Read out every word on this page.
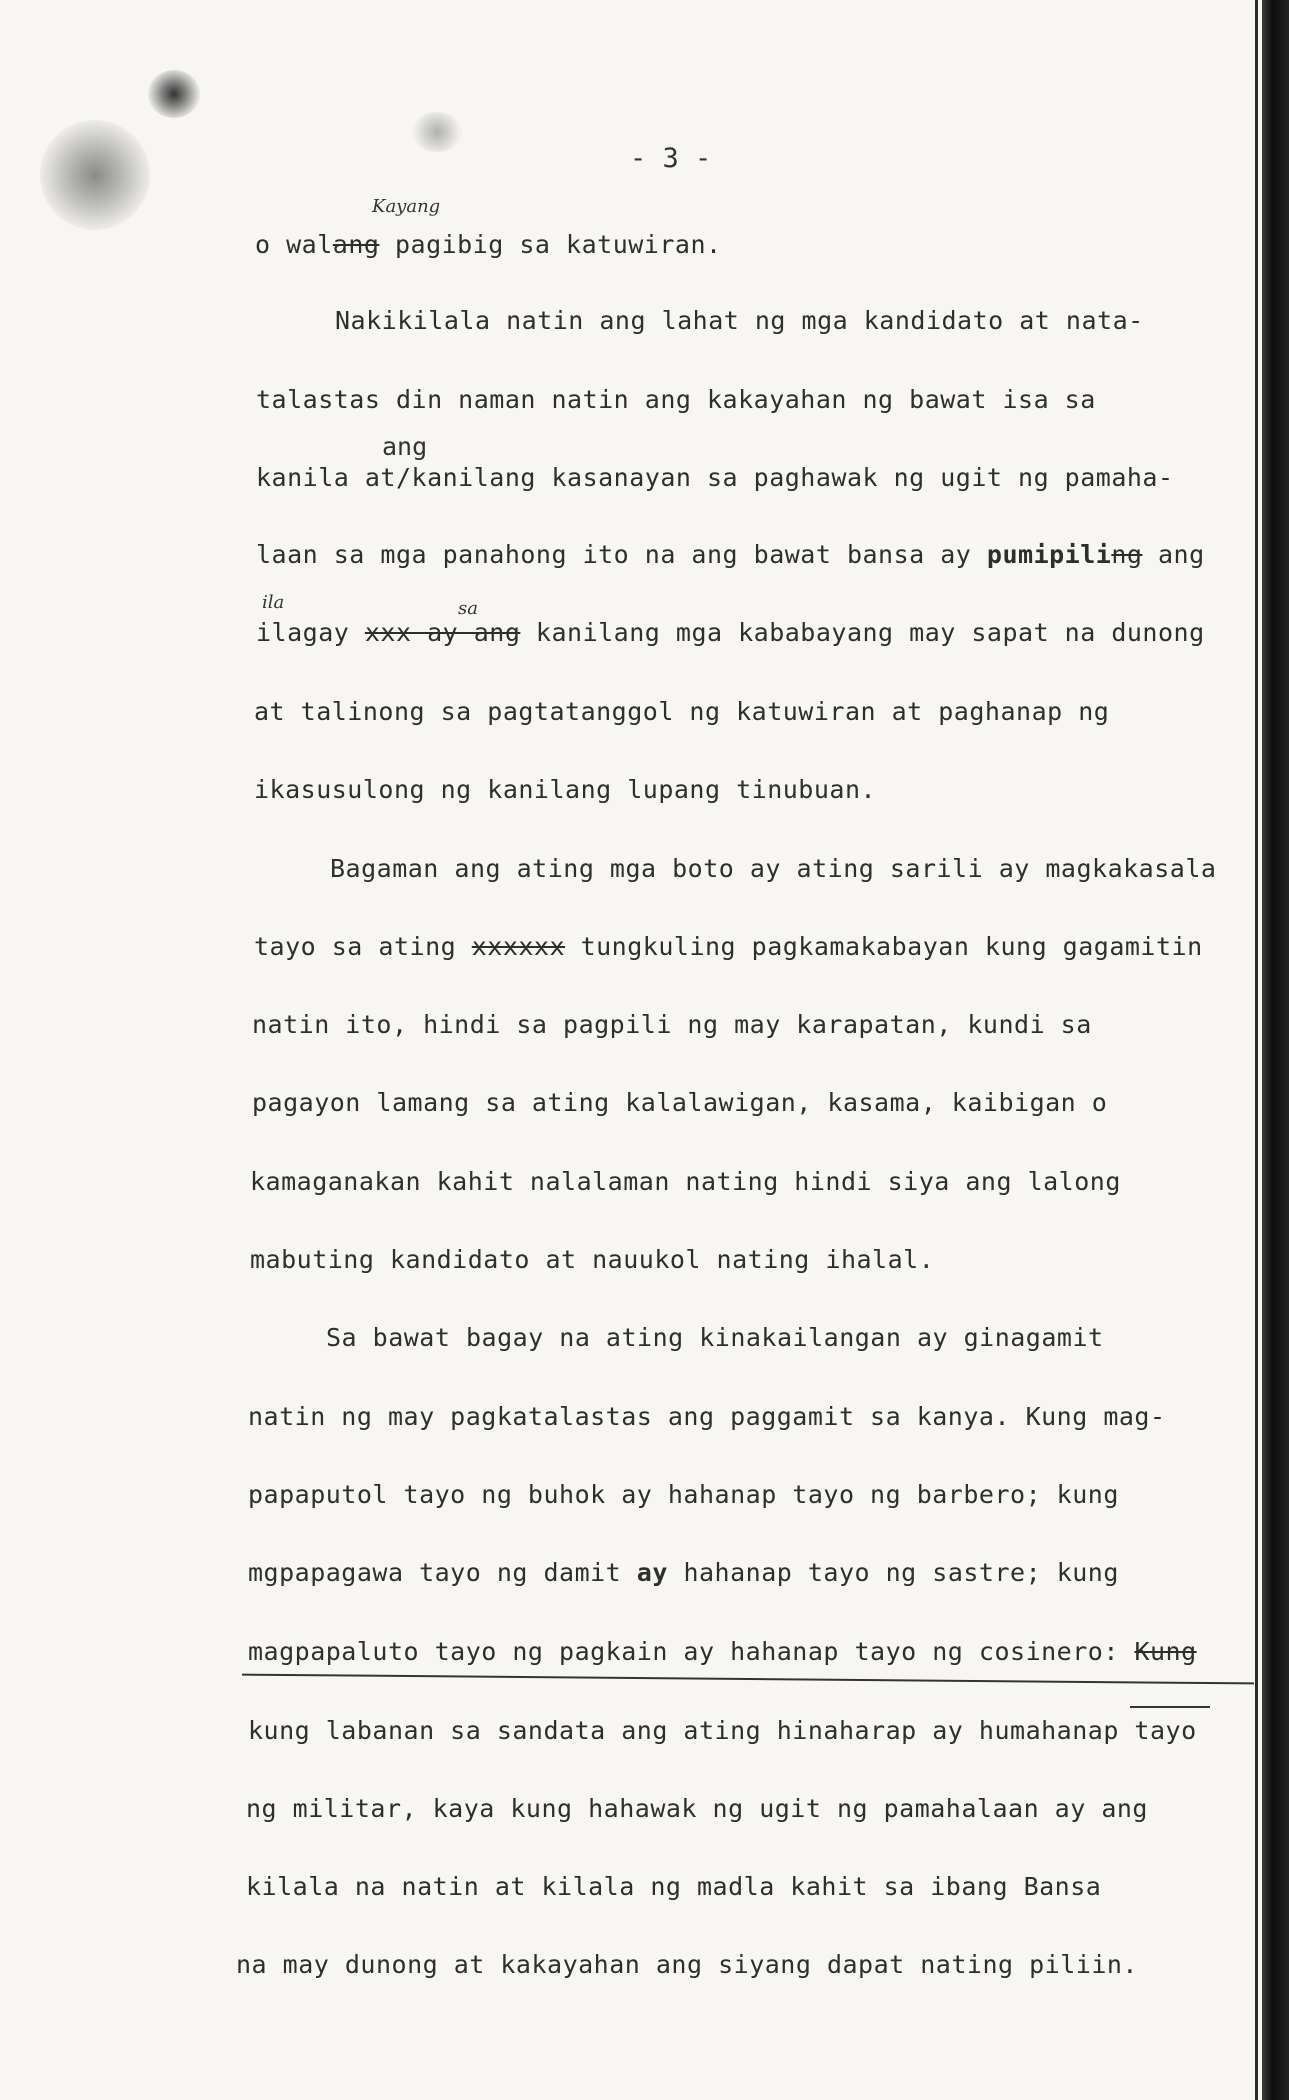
- 3 -
Kayang
ang
ila	sa
o walang pagibig sa katuwiran.
Nakikilala natin ang lahat ng mga kandidato at nata-
talastas din naman natin ang kakayahan ng bawat isa sa
kanila at/kanilang kasanayan sa paghawak ng ugit ng pamaha-
laan sa mga panahong ito na ang bawat bansa ay pumipiling ang
ilagay xxx ay ang kanilang mga kababayang may sapat na dunong
at talinong sa pagtatanggol ng katuwiran at paghanap ng
ikasusulong ng kanilang lupang tinubuan.
Bagaman ang ating mga boto ay ating sarili ay magkakasala
tayo sa ating xxxxxx tungkuling pagkamakabayan kung gagamitin
natin ito, hindi sa pagpili ng may karapatan, kundi sa
pagayon lamang sa ating kalalawigan, kasama, kaibigan o
kamaganakan kahit nalalaman nating hindi siya ang lalong
mabuting kandidato at nauukol nating ihalal.
Sa bawat bagay na ating kinakailangan ay ginagamit
natin ng may pagkatalastas ang paggamit sa kanya. Kung mag-
papaputol tayo ng buhok ay hahanap tayo ng barbero; kung
mgpapagawa tayo ng damit ay hahanap tayo ng sastre; kung
magpapaluto tayo ng pagkain ay hahanap tayo ng cosinero: Kung
kung labanan sa sandata ang ating hinaharap ay humahanap tayo
ng militar, kaya kung hahawak ng ugit ng pamahalaan ay ang
kilala na natin at kilala ng madla kahit sa ibang Bansa
na may dunong at kakayahan ang siyang dapat nating piliin.
